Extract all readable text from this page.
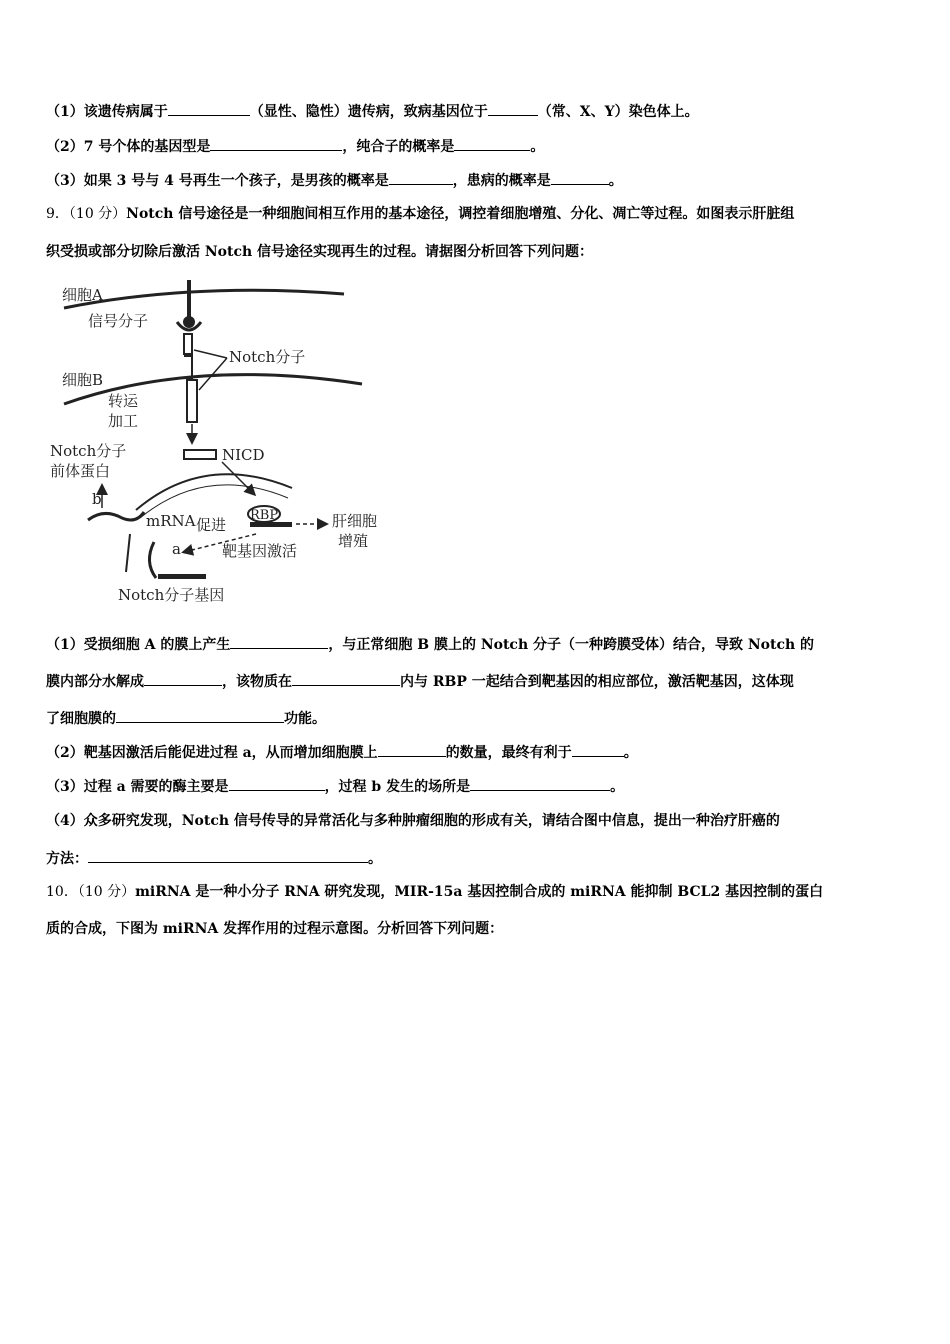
（1）该遗传病属于	（显性、隐性）遗传病，致病基因位于	（常、X、Y）染色体上。
（2）7 号个体的基因型是	，纯合子的概率是	。
（3）如果 3 号与 4 号再生一个孩子，是男孩的概率是	，患病的概率是	。
9．（10 分）Notch 信号途径是一种细胞间相互作用的基本途径，调控着细胞增殖、分化、凋亡等过程。如图表示肝脏组
织受损或部分切除后激活 Notch 信号途径实现再生的过程。请据图分析回答下列问题：
细胞A
信号分子
Notch分子
细胞B
转运
加工
Notch分子
前体蛋白
NICD
b
mRNA 促进
RBP	肝细胞
增殖
a	靶基因激活
Notch分子基因
（1）受损细胞 A 的膜上产生	，与正常细胞 B 膜上的 Notch 分子（一种跨膜受体）结合，导致 Notch 的
膜内部分水解成	，该物质在	内与 RBP 一起结合到靶基因的相应部位，激活靶基因，这体现
了细胞膜的	功能。
（2）靶基因激活后能促进过程 a，从而增加细胞膜上	的数量，最终有利于	。
（3）过程 a 需要的酶主要是	，过程 b 发生的场所是	。
（4）众多研究发现，Notch 信号传导的异常活化与多种肿瘤细胞的形成有关，请结合图中信息，提出一种治疗肝癌的
方法：	。
10．（10 分）miRNA 是一种小分子 RNA 研究发现，MIR-15a 基因控制合成的 miRNA 能抑制 BCL2 基因控制的蛋白
质的合成，下图为 miRNA 发挥作用的过程示意图。分析回答下列问题：
